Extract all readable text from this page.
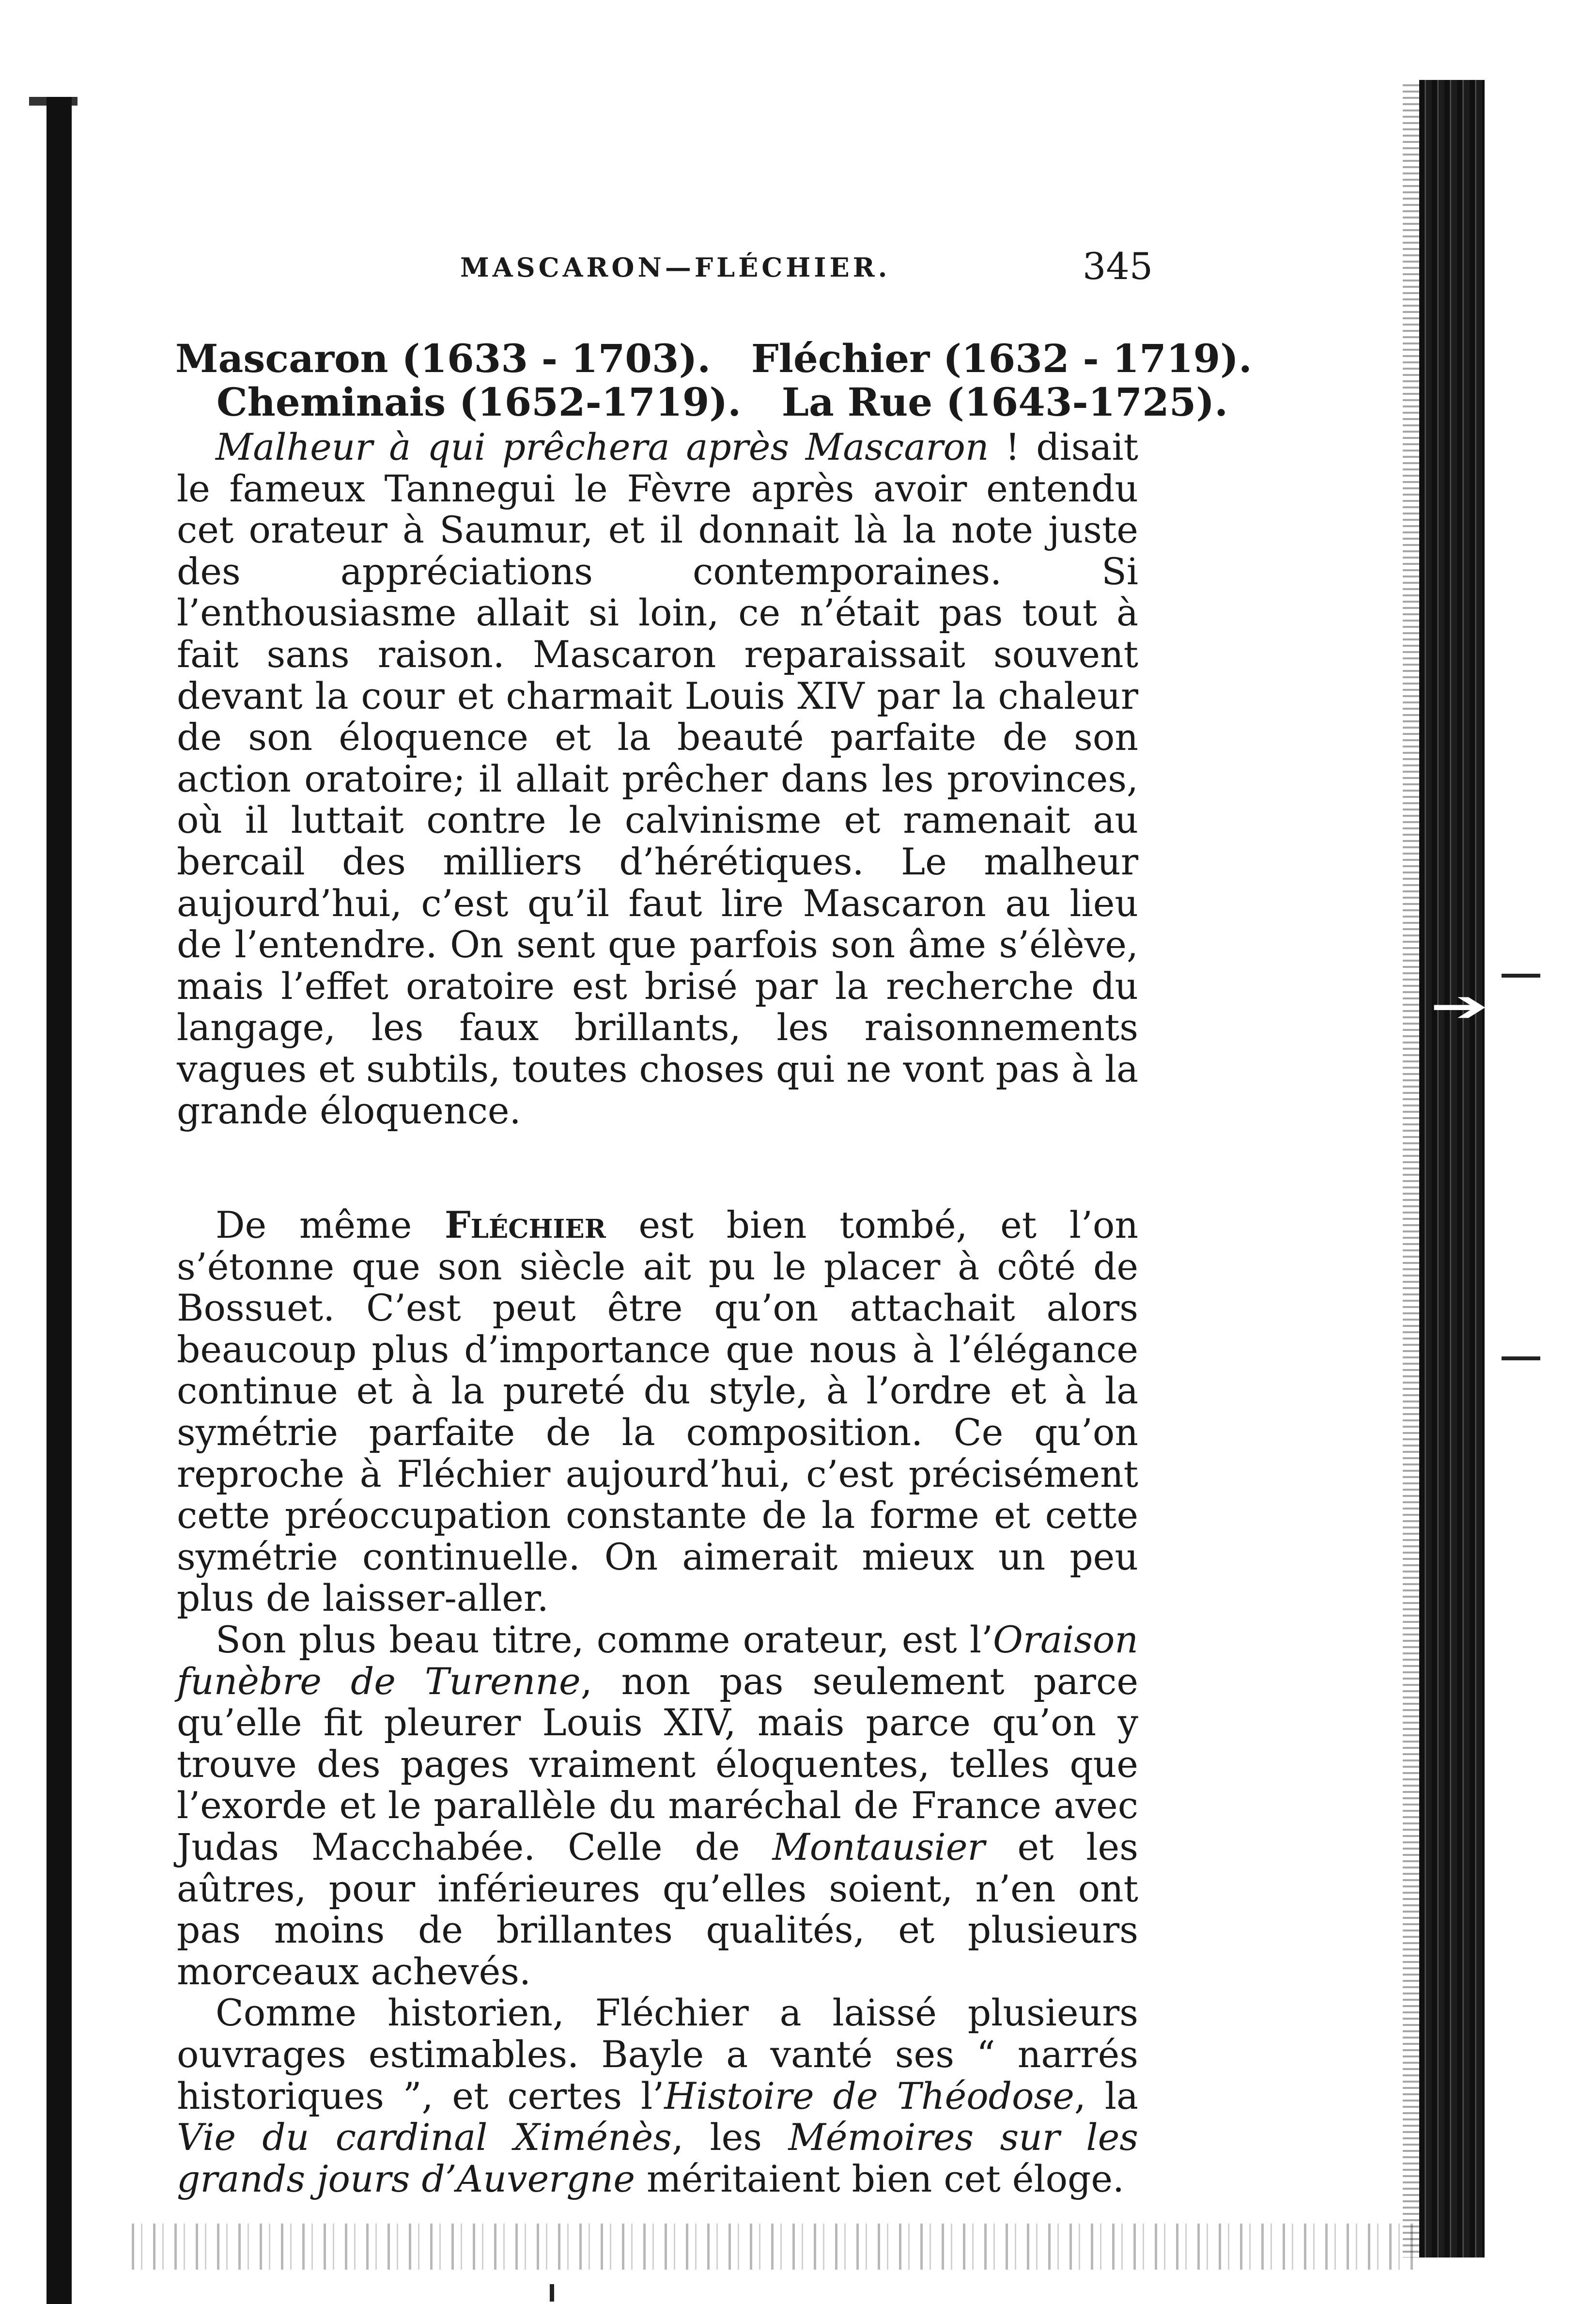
➔
MASCARON—FLÉCHIER.	345
Mascaron (1633 - 1703). Fléchier (1632 - 1719).
Cheminais (1652-1719). La Rue (1643-1725).

Malheur à qui prêchera après Mascaron ! disait le fameux Tannegui le Fèvre après avoir entendu cet orateur à Saumur, et il donnait là la note juste des appréciations contemporaines. Si l’enthousiasme allait si loin, ce n’était pas tout à fait sans raison. Mascaron reparaissait souvent devant la cour et charmait Louis XIV par la chaleur de son éloquence et la beauté parfaite de son action oratoire; il allait prêcher dans les provinces, où il luttait contre le calvinisme et ramenait au bercail des milliers d’hérétiques. Le malheur aujourd’hui, c’est qu’il faut lire Mascaron au lieu de l’entendre. On sent que parfois son âme s’élève, mais l’effet oratoire est brisé par la recherche du langage, les faux brillants, les raisonnements vagues et subtils, toutes choses qui ne vont pas à la grande éloquence.

De même Fléchier est bien tombé, et l’on s’étonne que son siècle ait pu le placer à côté de Bossuet. C’est peut être qu’on attachait alors beaucoup plus d’importance que nous à l’élégance continue et à la pureté du style, à l’ordre et à la symétrie parfaite de la composition. Ce qu’on reproche à Fléchier aujourd’hui, c’est précisément cette préoccupation constante de la forme et cette symétrie continuelle. On aimerait mieux un peu plus de laisser-aller.

Son plus beau titre, comme orateur, est l’Oraison funèbre de Turenne, non pas seulement parce qu’elle fit pleurer Louis XIV, mais parce qu’on y trouve des pages vraiment éloquentes, telles que l’exorde et le parallèle du maréchal de France avec Judas Macchabée. Celle de Montausier et les aûtres, pour inférieures qu’elles soient, n’en ont pas moins de brillantes qualités, et plusieurs morceaux achevés.

Comme historien, Fléchier a laissé plusieurs ouvrages estimables. Bayle a vanté ses “ narrés historiques ”, et certes l’Histoire de Théodose, la Vie du cardinal Ximénès, les Mémoires sur les grands jours d’Auvergne méritaient bien cet éloge.
